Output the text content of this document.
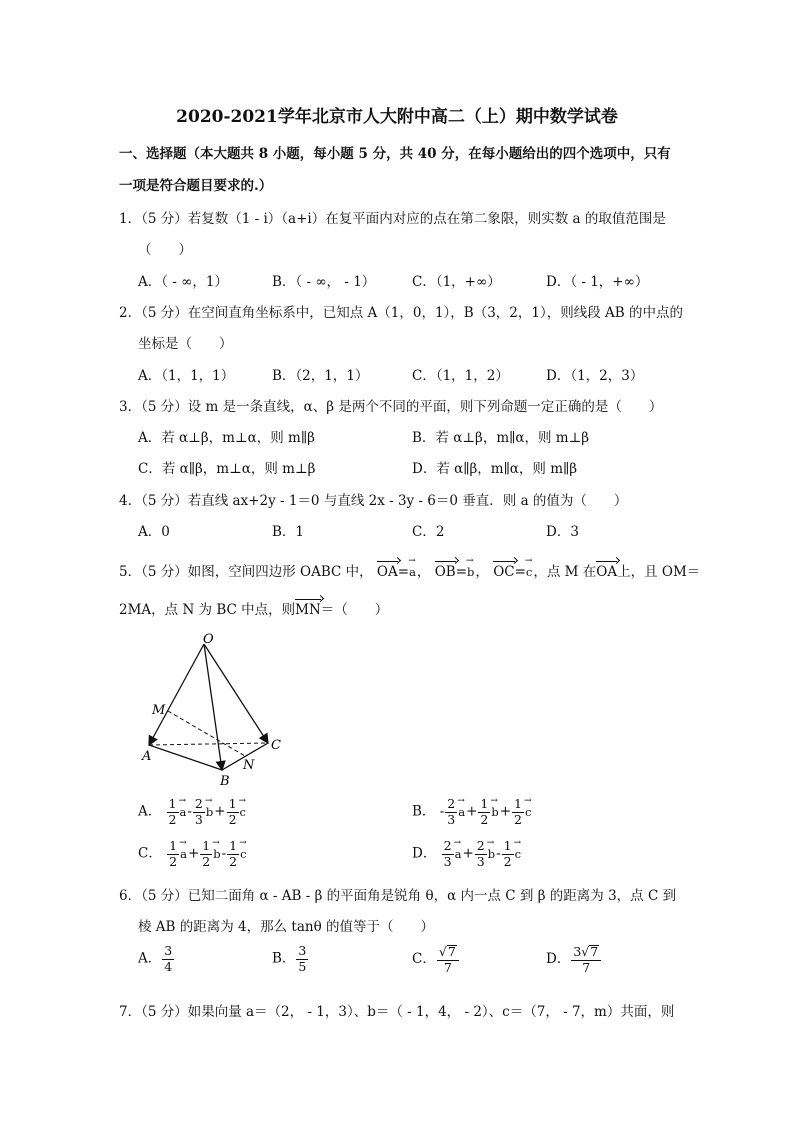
2020-2021学年北京市人大附中高二（上）期中数学试卷
一、选择题（本大题共 8 小题，每小题 5 分，共 40 分，在每小题给出的四个选项中，只有
一项是符合题目要求的.）
1．（5 分）若复数（1 - i）（a+i）在复平面内对应的点在第二象限，则实数 a 的取值范围是
（　　）
A．（ - ∞，1）	B．（ - ∞， - 1）	C．（1，+∞）	D．（ - 1，+∞）
2．（5 分）在空间直角坐标系中，已知点 A（1，0，1），B（3，2，1），则线段 AB 的中点的
坐标是（　　）
A．（1，1，1）	B．（2，1，1）	C．（1，1，2）	D．（1，2，3）
3．（5 分）设 m 是一条直线，α、β 是两个不同的平面，则下列命题一定正确的是（　　）
A．若 α⊥β，m⊥α，则 m∥β	B．若 α⊥β，m∥α，则 m⊥β
C．若 α∥β，m⊥α，则 m⊥β	D．若 α∥β，m∥α，则 m∥β
4．（5 分）若直线 ax+2y - 1＝0 与直线 2x - 3y - 6＝0 垂直．则 a 的值为（　　）
A．0	B．1	C．2	D．3
5．（5 分）如图，空间四边形 OABC 中， OA=→ a， OB=→ b， OC=→ c，点 M 在OA上，且 OM＝
2MA，点 N 为 BC 中点，则MN＝（　　）
O
M
A
B
C
N
A． $\frac{1}{2} \to a- \frac{2}{3} \to b+ \frac{1}{2} \to c$	B． - $\frac{2}{3} \to a+ \frac{1}{2} \to b+ \frac{1}{2} \to c$
C． $\frac{1}{2} \to a+ \frac{1}{2} \to b- \frac{1}{2} \to c$	D． $\frac{2}{3} \to a+ \frac{2}{3} \to b- \frac{1}{2} \to c$
6．（5 分）已知二面角 α - AB - β 的平面角是锐角 θ，α 内一点 C 到 β 的距离为 3，点 C 到
棱 AB 的距离为 4，那么 tanθ 的值等于（　　）
A． $\frac{3}{4}$	B． $\frac{3}{5}$	C． $\frac{√7}{7}$	D． $\frac{3√7}{7}$
7．（5 分）如果向量 a＝（2， - 1，3）、b＝（ - 1，4， - 2）、c＝（7， - 7，m）共面，则
